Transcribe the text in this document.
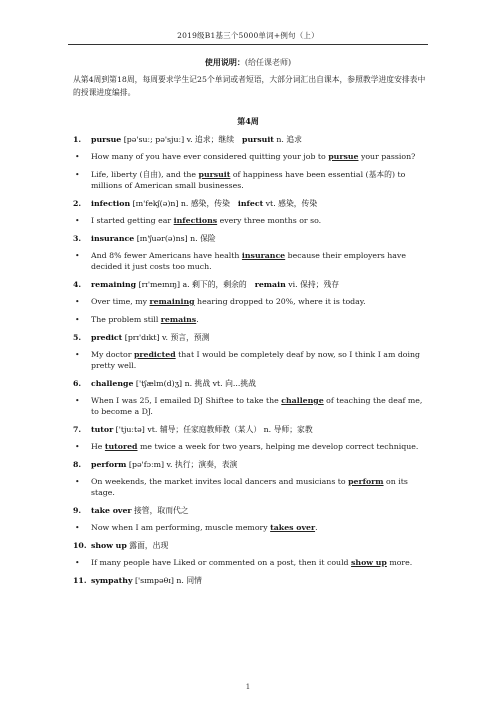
2019级B1基三个5000单词+例句（上）
使用说明：(给任课老师)
从第4周到第18周，每周要求学生记25个单词或者短语，大部分词汇出自课本，参照教学进度安排表中的授课进度编排。
第4周
1. pursue [pə'suː; pə'sjuː] v. 追求；继续 pursuit n. 追求
• How many of you have ever considered quitting your job to pursue your passion?
• Life, liberty (自由), and the pursuit of happiness have been essential (基本的) to millions of American small businesses.
2. infection [ɪn'fekʃ(ə)n] n. 感染，传染 infect vt. 感染，传染
• I started getting ear infections every three months or so.
3. insurance [ɪn'ʃuər(ə)ns] n. 保险
• And 8% fewer Americans have health insurance because their employers have decided it just costs too much.
4. remaining [rɪ'meɪnɪŋ] a. 剩下的，剩余的 remain vi. 保持；残存
• Over time, my remaining hearing dropped to 20%, where it is today.
• The problem still remains.
5. predict [prɪ'dɪkt] v. 预言，预测
• My doctor predicted that I would be completely deaf by now, so I think I am doing pretty well.
6. challenge ['tʃælm(d)ʒ] n. 挑战 vt. 向...挑战
• When I was 25, I emailed DJ Shiftee to take the challenge of teaching the deaf me, to become a DJ.
7. tutor ['tjuːtə] vt. 辅导；任家庭教师教（某人） n. 导师；家教
• He tutored me twice a week for two years, helping me develop correct technique.
8. perform [pə'fɔːm] v. 执行；演奏，表演
• On weekends, the market invites local dancers and musicians to perform on its stage.
9. take over 接管，取而代之
• Now when I am performing, muscle memory takes over.
10. show up 露面，出现
• If many people have Liked or commented on a post, then it could show up more.
11. sympathy ['sɪmpəθɪ] n. 同情
1
